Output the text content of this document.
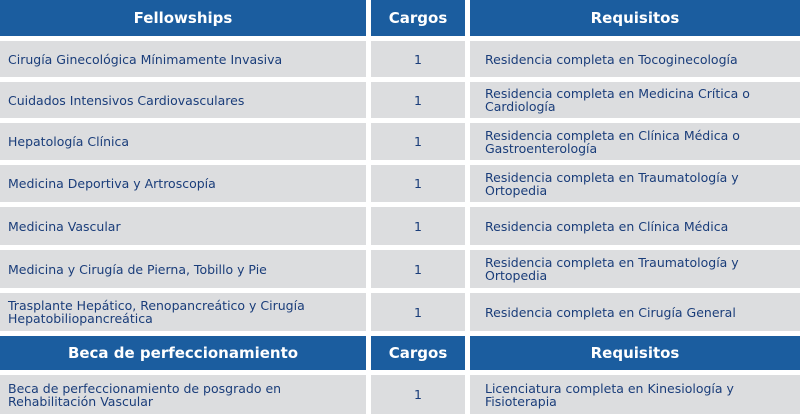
Fellowships	Cargos	Requisitos
Cirugía Ginecológica Mínimamente Invasiva	1	Residencia completa en Tocoginecología
Cuidados Intensivos Cardiovasculares	1	Residencia completa en Medicina Crítica o Cardiología
Hepatología Clínica	1	Residencia completa en Clínica Médica o Gastroenterología
Medicina Deportiva y Artroscopía	1	Residencia completa en Traumatología y Ortopedia
Medicina Vascular	1	Residencia completa en Clínica Médica
Medicina y Cirugía de Pierna, Tobillo y Pie	1	Residencia completa en Traumatología y Ortopedia
Trasplante Hepático, Renopancreático y Cirugía Hepatobiliopancreática	1	Residencia completa en Cirugía General
Beca de perfeccionamiento	Cargos	Requisitos
Beca de perfeccionamiento de posgrado en Rehabilitación Vascular	1	Licenciatura completa en Kinesiología y Fisioterapia
